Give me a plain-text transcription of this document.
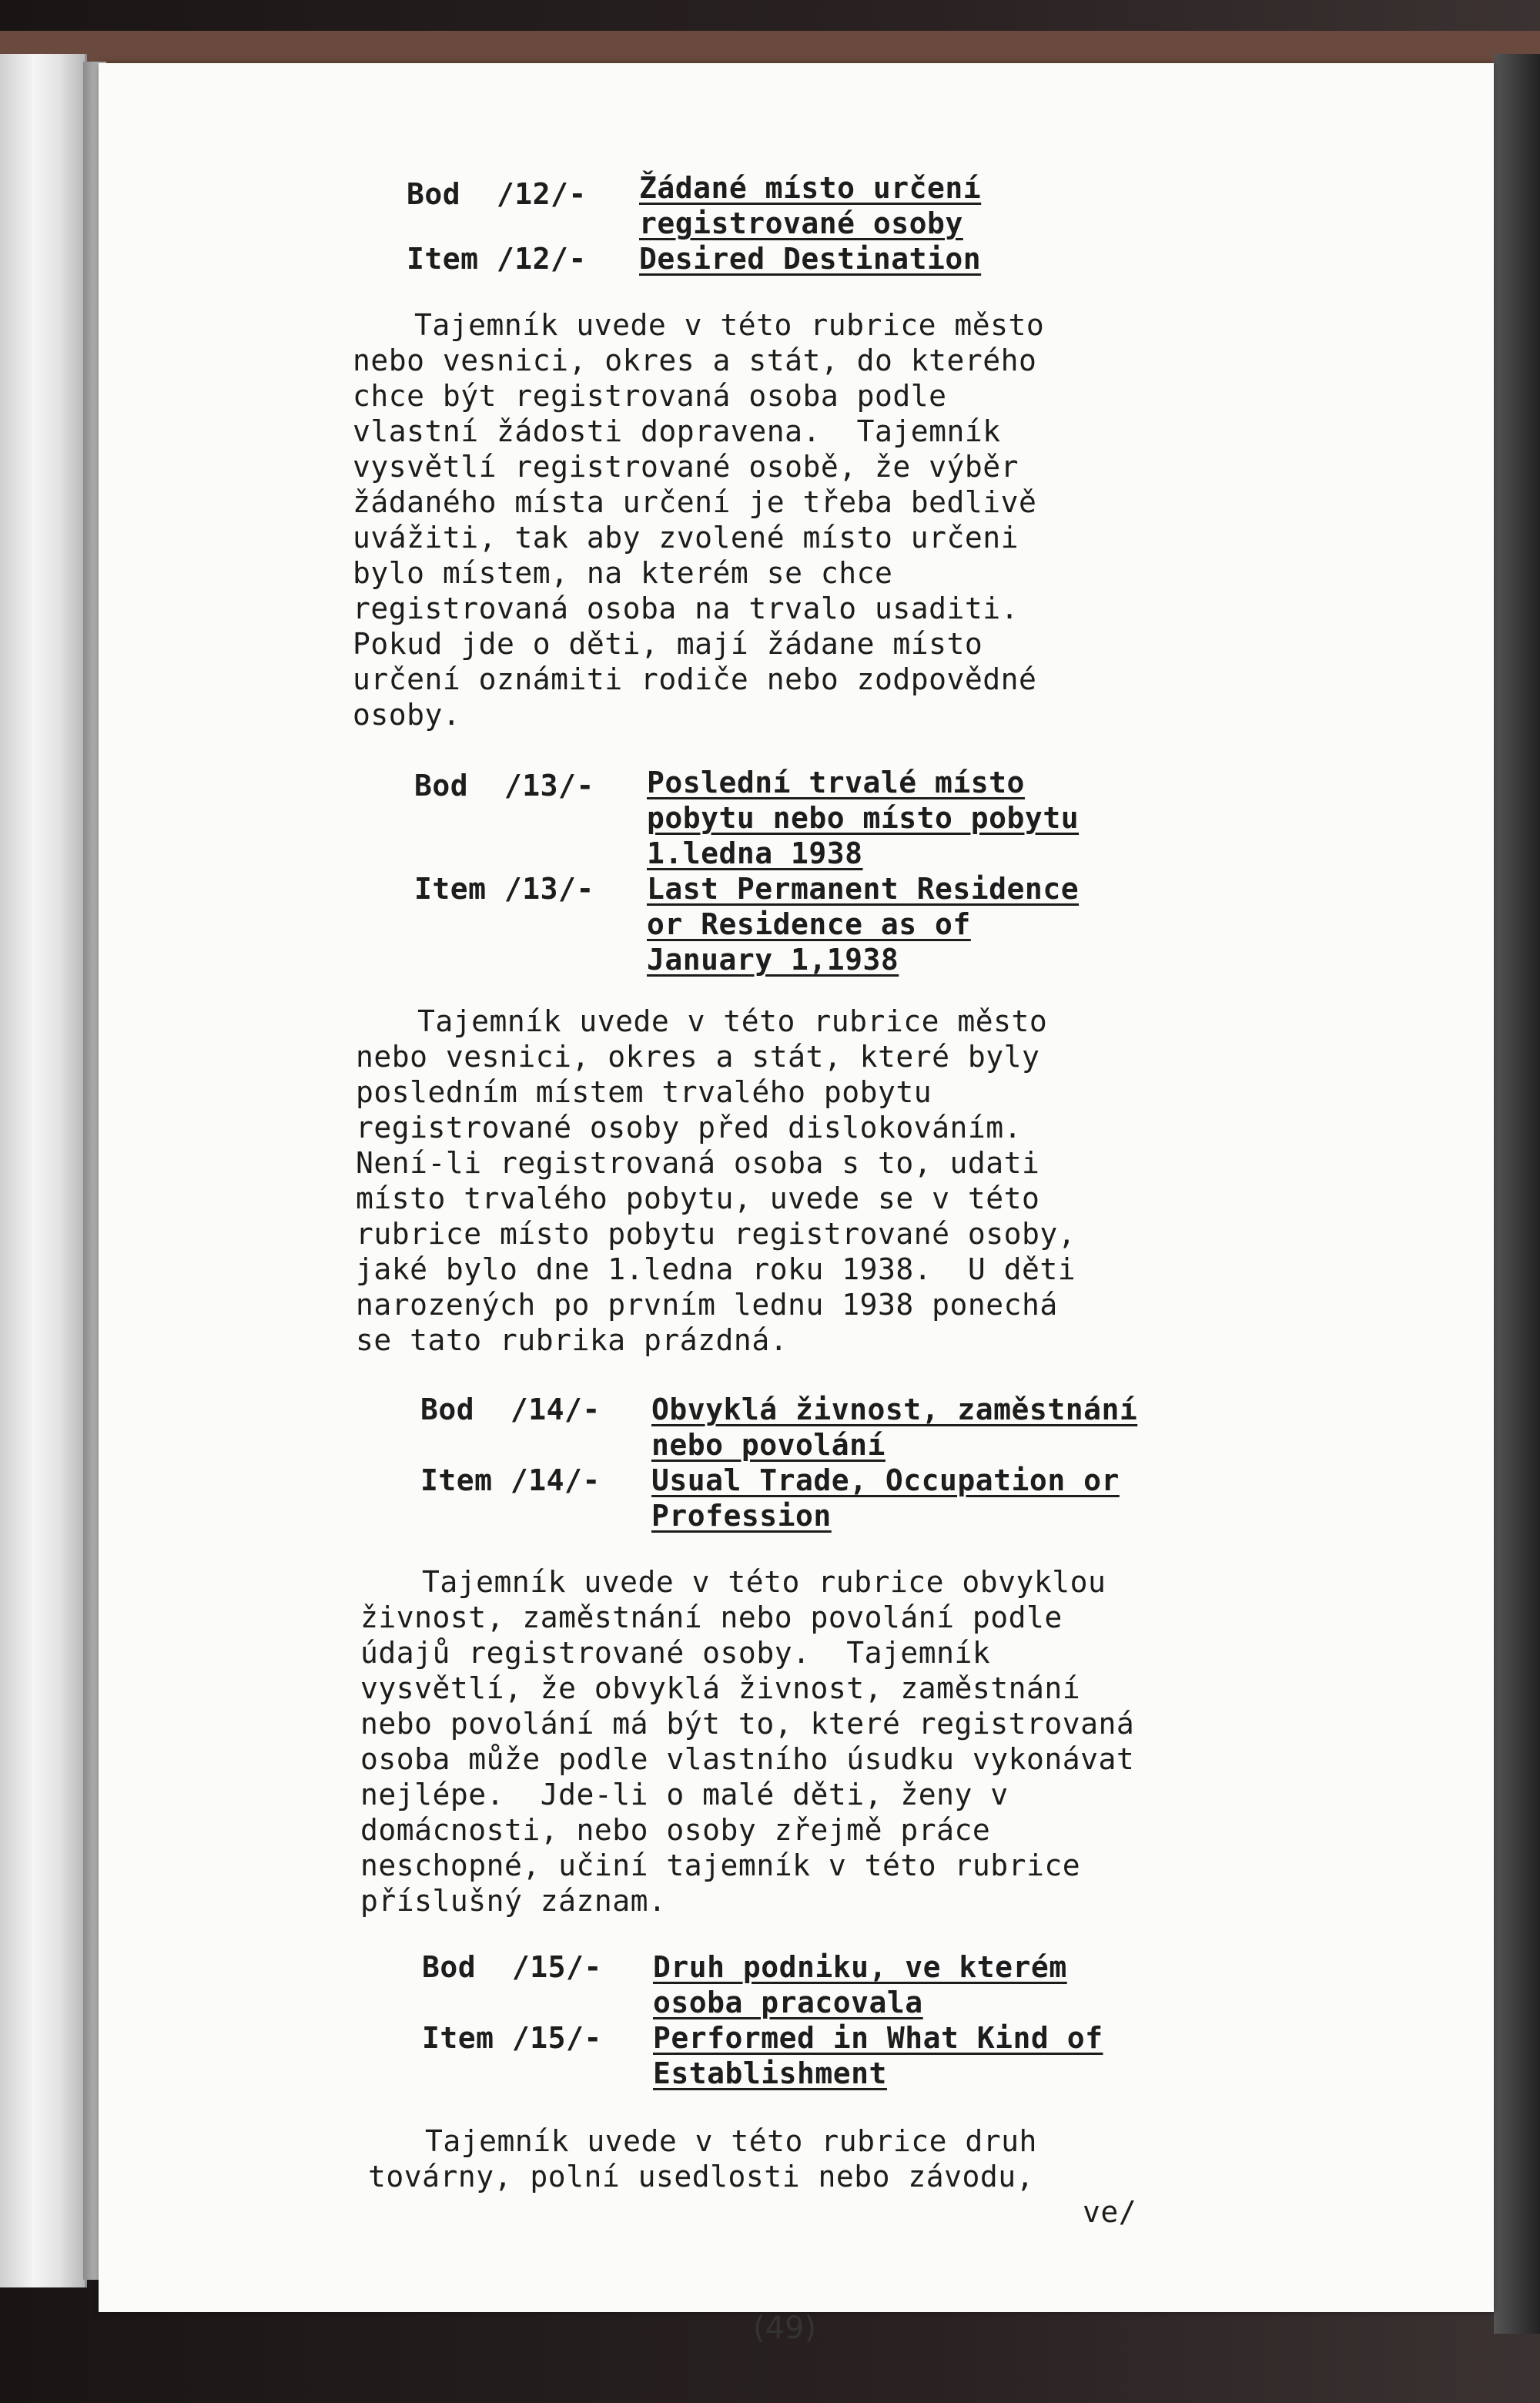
Bod  /12/- Žádané místo určení
registrované osoby
Item /12/- Desired Destination
Tajemník uvede v této rubrice město
nebo vesnici, okres a stát, do kterého
chce být registrovaná osoba podle
vlastní žádosti dopravena.  Tajemník
vysvětlí registrované osobě, že výběr
žádaného místa určení je třeba bedlivě
uvážiti, tak aby zvolené místo určeni
bylo místem, na kterém se chce
registrovaná osoba na trvalo usaditi.
Pokud jde o děti, mají žádane místo
určení oznámiti rodiče nebo zodpovědné
osoby.
Bod  /13/- Poslední trvalé místo
pobytu nebo místo pobytu
1.ledna 1938
Item /13/- Last Permanent Residence
or Residence as of
January 1,1938
Tajemník uvede v této rubrice město
nebo vesnici, okres a stát, které byly
posledním místem trvalého pobytu
registrované osoby před dislokováním.
Není-li registrovaná osoba s to, udati
místo trvalého pobytu, uvede se v této
rubrice místo pobytu registrované osoby,
jaké bylo dne 1.ledna roku 1938.  U děti
narozených po prvním lednu 1938 ponechá
se tato rubrika prázdná.
Bod  /14/- Obvyklá živnost, zaměstnání
nebo povolání
Item /14/- Usual Trade, Occupation or
Profession
Tajemník uvede v této rubrice obvyklou
živnost, zaměstnání nebo povolání podle
údajů registrované osoby.  Tajemník
vysvětlí, že obvyklá živnost, zaměstnání
nebo povolání má být to, které registrovaná
osoba může podle vlastního úsudku vykonávat
nejlépe.  Jde-li o malé děti, ženy v
domácnosti, nebo osoby zřejmě práce
neschopné, učiní tajemník v této rubrice
příslušný záznam.
Bod  /15/- Druh podniku, ve kterém
osoba pracovala
Item /15/- Performed in What Kind of
Establishment
Tajemník uvede v této rubrice druh
továrny, polní usedlosti nebo závodu,
ve/
(49)
